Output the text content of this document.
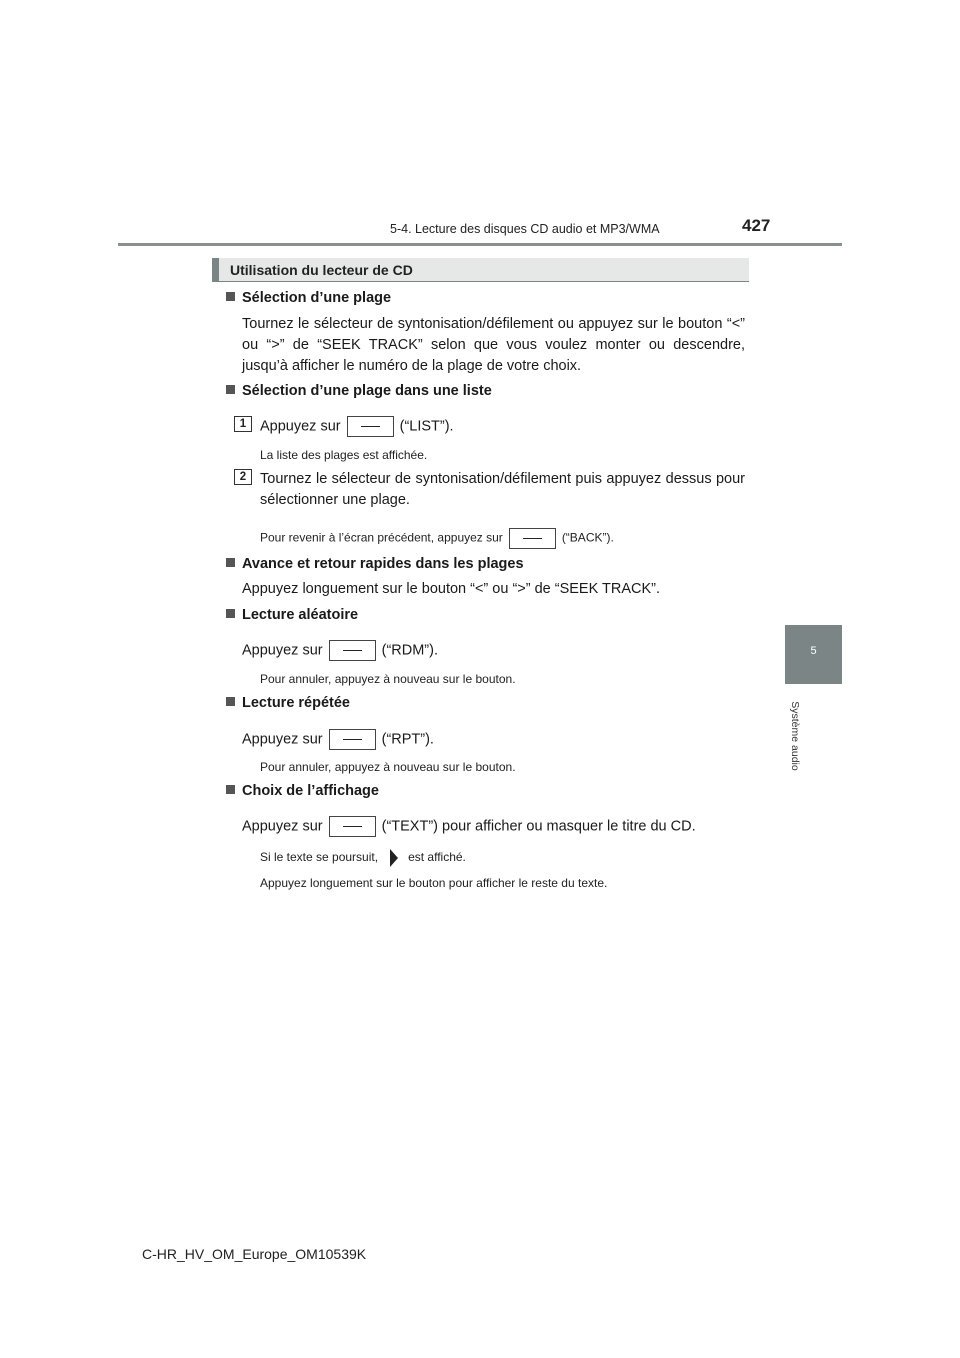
5-4. Lecture des disques CD audio et MP3/WMA	427
5
Système audio
Utilisation du lecteur de CD
Sélection d’une plage
Tournez le sélecteur de syntonisation/défilement ou appuyez sur le bouton “<” ou “>” de “SEEK TRACK” selon que vous voulez monter ou descendre, jusqu’à afficher le numéro de la plage de votre choix.
Sélection d’une plage dans une liste
1 Appuyez sur	(“LIST”).
La liste des plages est affichée.
2 Tournez le sélecteur de syntonisation/défilement puis appuyez dessus pour sélectionner une plage.
Pour revenir à l’écran précédent, appuyez sur	(“BACK”).
Avance et retour rapides dans les plages
Appuyez longuement sur le bouton “<” ou “>” de “SEEK TRACK”.
Lecture aléatoire
Appuyez sur	(“RDM”).
Pour annuler, appuyez à nouveau sur le bouton.
Lecture répétée
Appuyez sur	(“RPT”).
Pour annuler, appuyez à nouveau sur le bouton.
Choix de l’affichage
Appuyez sur	(“TEXT”) pour afficher ou masquer le titre du CD.
Si le texte se poursuit,	est affiché.
Appuyez longuement sur le bouton pour afficher le reste du texte.
C-HR_HV_OM_Europe_OM10539K
